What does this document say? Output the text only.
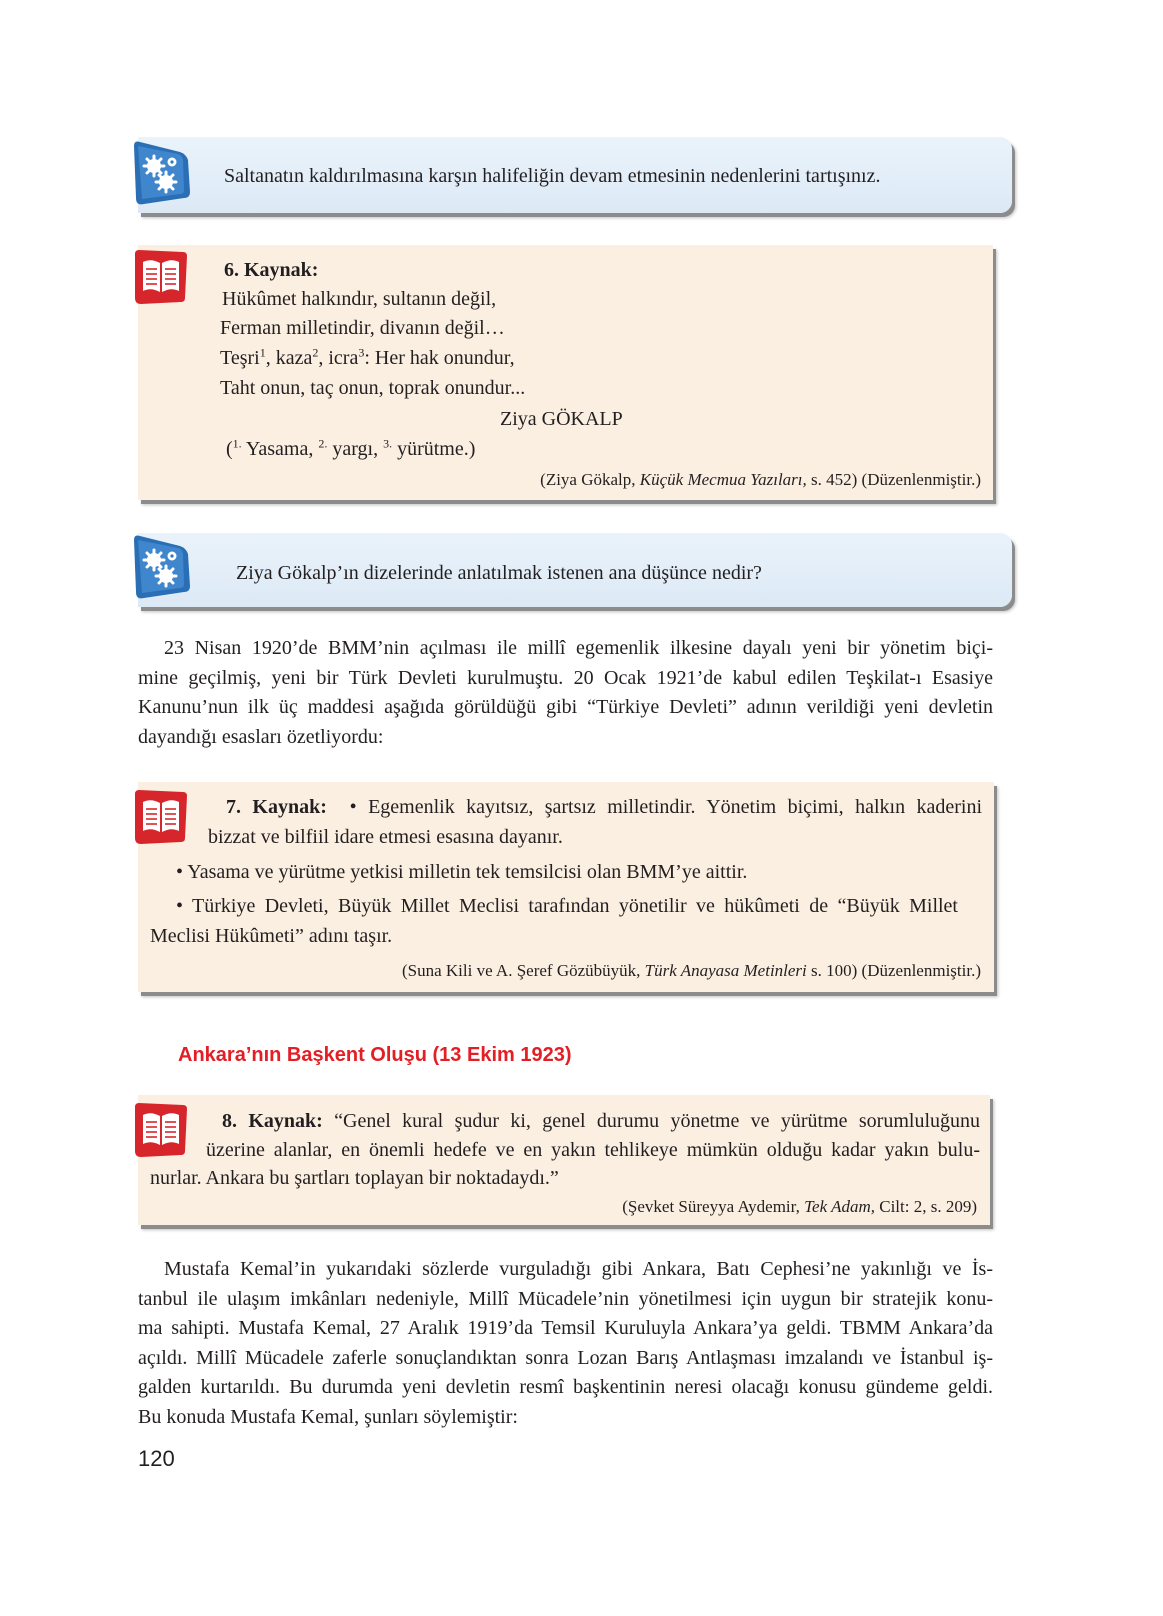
Saltanatın kaldırılmasına karşın halifeliğin devam etmesinin nedenlerini tartışınız.
6. Kaynak:
Hükûmet halkındır, sultanın değil,
Ferman milletindir, divanın değil…
Teşri$^1$, kaza$^2$, icra$^3$: Her hak onundur,
Taht onun, taç onun, toprak onundur...
Ziya GÖKALP
($^{1.}$ Yasama, $^{2.}$ yargı, $^{3.}$ yürütme.)
(Ziya Gökalp, Küçük Mecmua Yazıları, s. 452) (Düzenlenmiştir.)
Ziya Gökalp’ın dizelerinde anlatılmak istenen ana düşünce nedir?
23 Nisan 1920’de BMM’nin açılması ile millî egemenlik ilkesine dayalı yeni bir yönetim biçi-
mine geçilmiş, yeni bir Türk Devleti kurulmuştu. 20 Ocak 1921’de kabul edilen Teşkilat-ı Esasiye
Kanunu’nun ilk üç maddesi aşağıda görüldüğü gibi “Türkiye Devleti” adının verildiği yeni devletin
dayandığı esasları özetliyordu:
7. Kaynak: • Egemenlik kayıtsız, şartsız milletindir. Yönetim biçimi, halkın kaderini
bizzat ve bilfiil idare etmesi esasına dayanır.
• Yasama ve yürütme yetkisi milletin tek temsilcisi olan BMM’ye aittir.
• Türkiye Devleti, Büyük Millet Meclisi tarafından yönetilir ve hükûmeti de “Büyük Millet
Meclisi Hükûmeti” adını taşır.
(Suna Kili ve A. Şeref Gözübüyük, Türk Anayasa Metinleri s. 100) (Düzenlenmiştir.)
Ankara’nın Başkent Oluşu (13 Ekim 1923)
8. Kaynak: “Genel kural şudur ki, genel durumu yönetme ve yürütme sorumluluğunu
üzerine alanlar, en önemli hedefe ve en yakın tehlikeye mümkün olduğu kadar yakın bulu-
nurlar. Ankara bu şartları toplayan bir noktadaydı.”
(Şevket Süreyya Aydemir, Tek Adam, Cilt: 2, s. 209)
Mustafa Kemal’in yukarıdaki sözlerde vurguladığı gibi Ankara, Batı Cephesi’ne yakınlığı ve İs-
tanbul ile ulaşım imkânları nedeniyle, Millî Mücadele’nin yönetilmesi için uygun bir stratejik konu-
ma sahipti. Mustafa Kemal, 27 Aralık 1919’da Temsil Kuruluyla Ankara’ya geldi. TBMM Ankara’da
açıldı. Millî Mücadele zaferle sonuçlandıktan sonra Lozan Barış Antlaşması imzalandı ve İstanbul iş-
galden kurtarıldı. Bu durumda yeni devletin resmî başkentinin neresi olacağı konusu gündeme geldi.
Bu konuda Mustafa Kemal, şunları söylemiştir:
120
